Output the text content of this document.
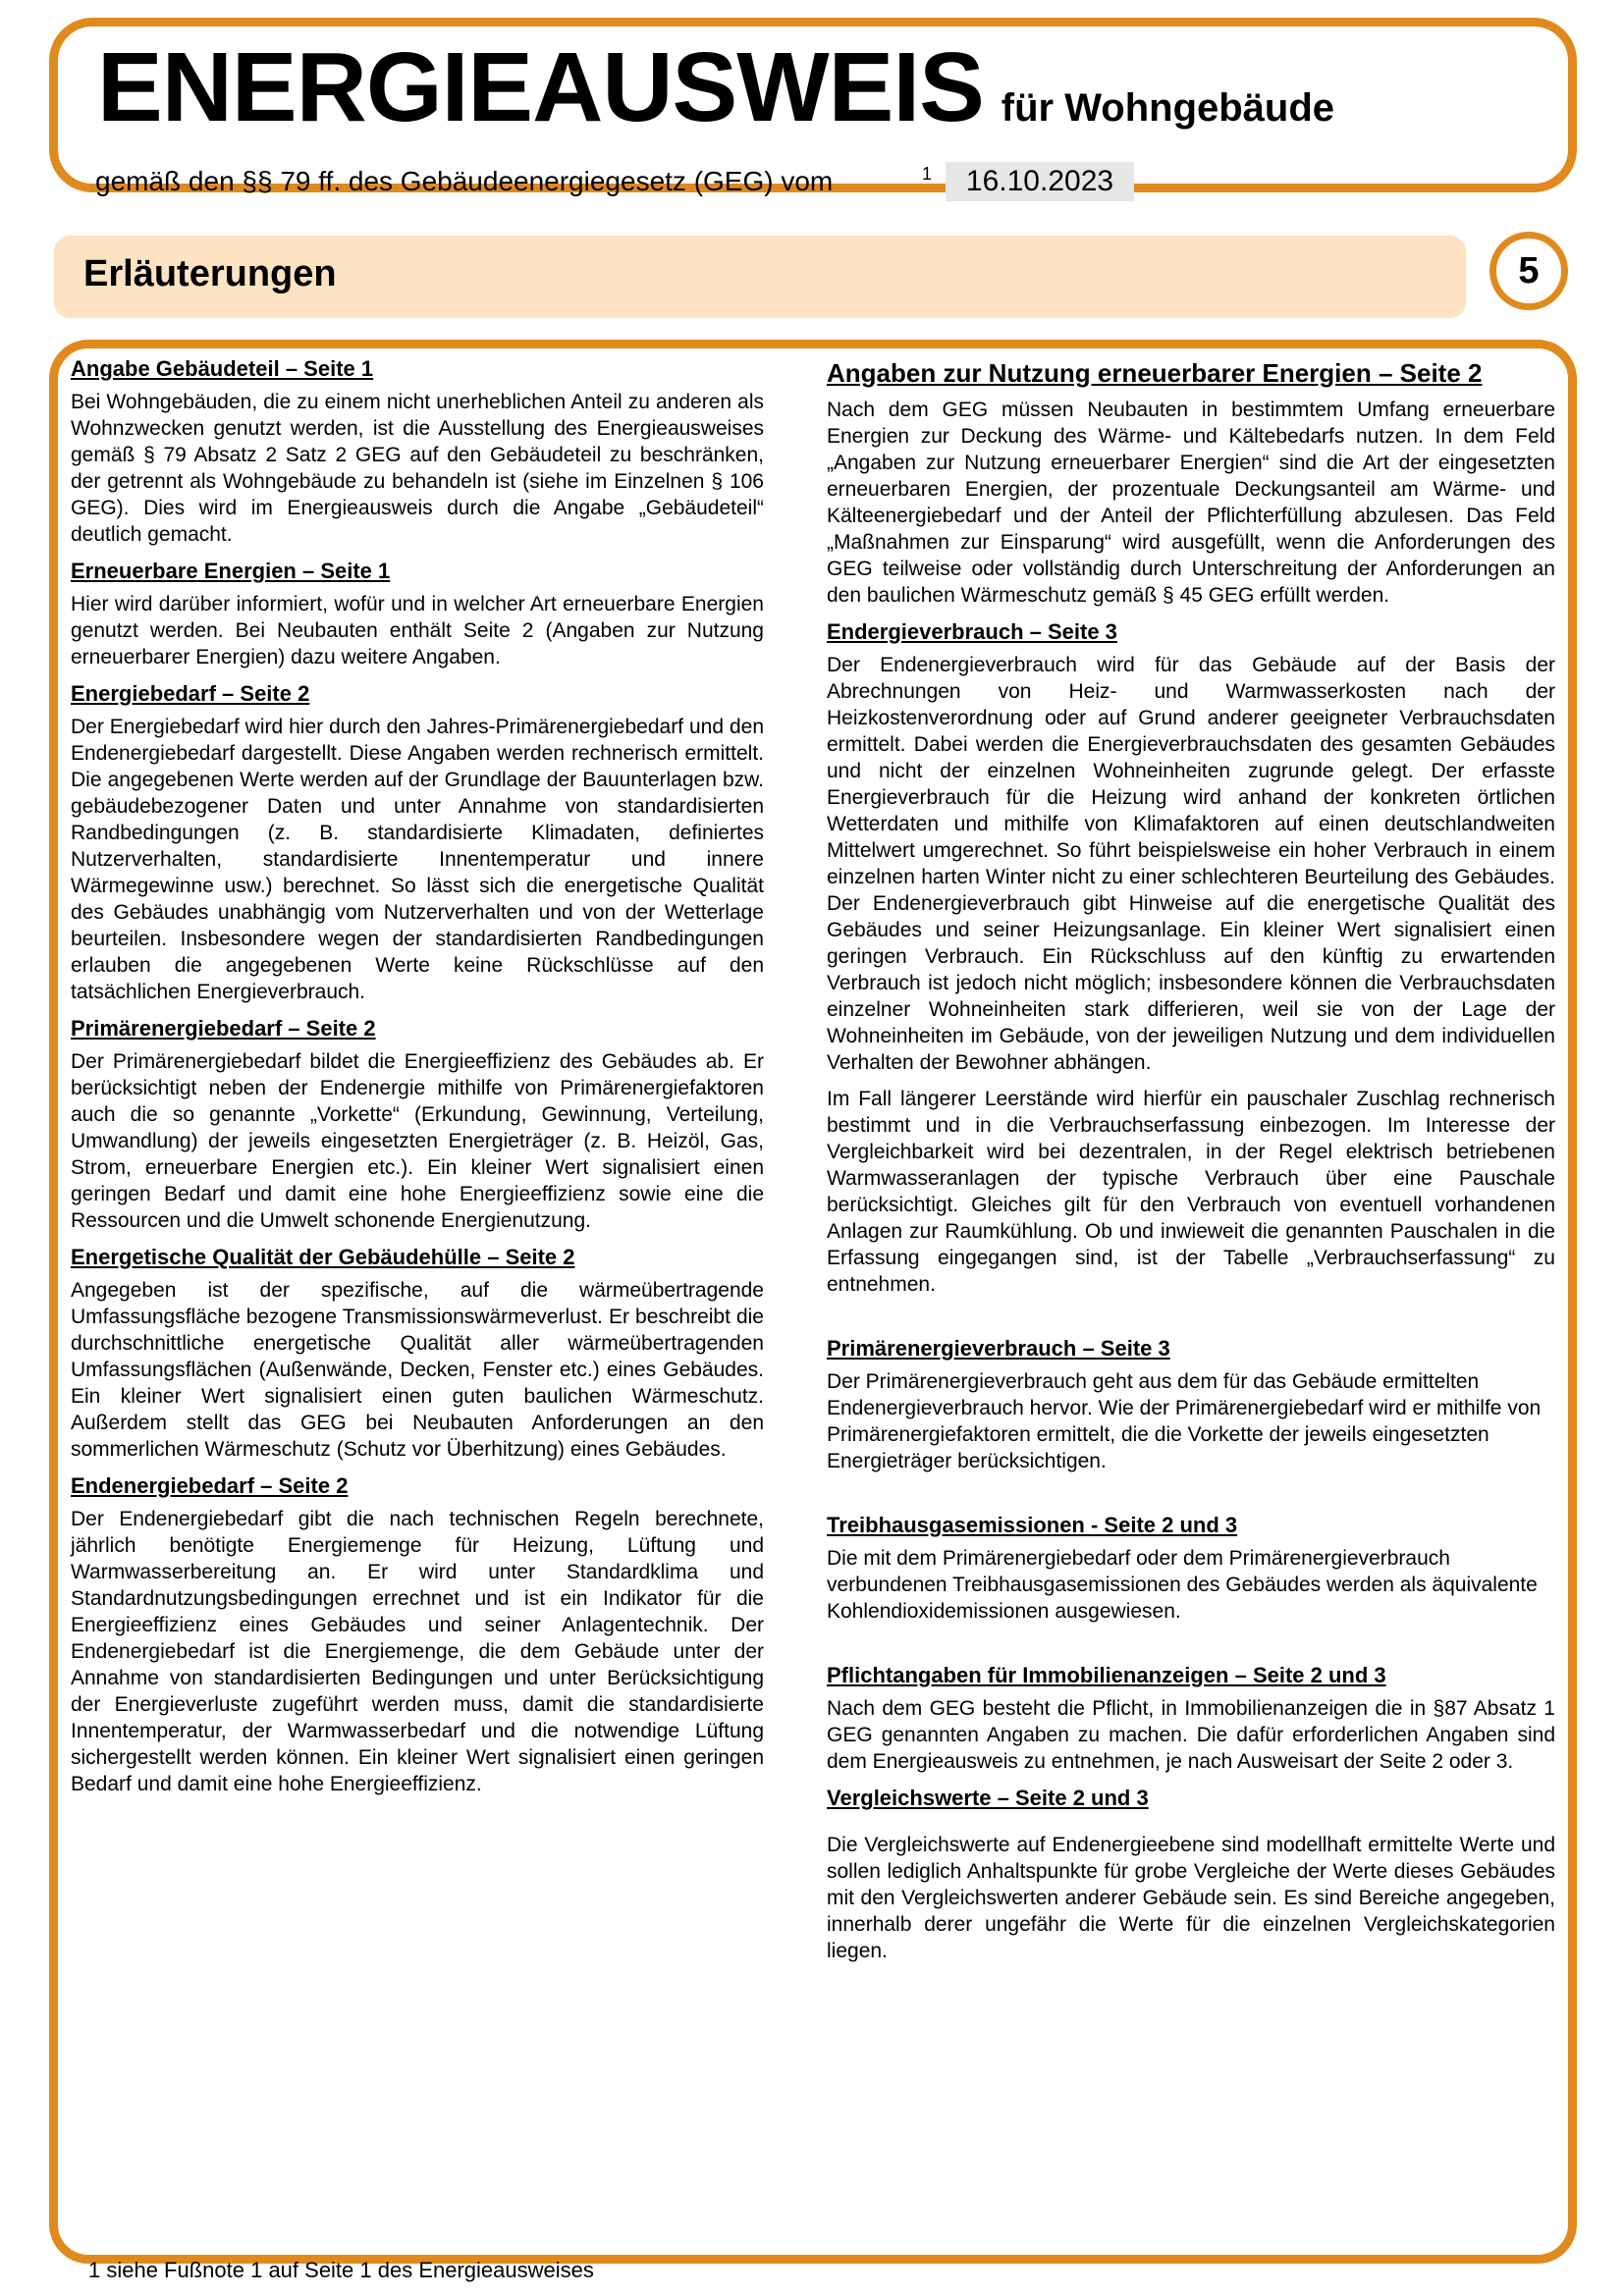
ENERGIEAUSWEIS für Wohngebäude
gemäß den §§ 79 ff. des Gebäudeenergiegesetz (GEG) vom	1	16.10.2023
Erläuterungen	5
Angabe Gebäudeteil – Seite 1

Bei Wohngebäuden, die zu einem nicht unerheblichen Anteil zu anderen als Wohnzwecken genutzt werden, ist die Ausstellung des Energieausweises gemäß § 79 Absatz 2 Satz 2 GEG auf den Gebäudeteil zu beschränken, der getrennt als Wohngebäude zu behandeln ist (siehe im Einzelnen § 106 GEG). Dies wird im Energieausweis durch die Angabe „Gebäudeteil“ deutlich gemacht.

Erneuerbare Energien – Seite 1

Hier wird darüber informiert, wofür und in welcher Art erneuerbare Energien genutzt werden. Bei Neubauten enthält Seite 2 (Angaben zur Nutzung erneuerbarer Energien) dazu weitere Angaben.

Energiebedarf – Seite 2

Der Energiebedarf wird hier durch den Jahres-Primärenergiebedarf und den Endenergiebedarf dargestellt. Diese Angaben werden rechnerisch ermittelt. Die angegebenen Werte werden auf der Grundlage der Bauunterlagen bzw. gebäudebezogener Daten und unter Annahme von standardisierten Randbedingungen (z. B. standardisierte Klimadaten, definiertes Nutzerverhalten, standardisierte Innentemperatur und innere Wärmegewinne usw.) berechnet. So lässt sich die energetische Qualität des Gebäudes unabhängig vom Nutzerverhalten und von der Wetterlage beurteilen. Insbesondere wegen der standardisierten Randbedingungen erlauben die angegebenen Werte keine Rückschlüsse auf den tatsächlichen Energieverbrauch.

Primärenergiebedarf – Seite 2

Der Primärenergiebedarf bildet die Energieeffizienz des Gebäudes ab. Er berücksichtigt neben der Endenergie mithilfe von Primärenergiefaktoren auch die so genannte „Vorkette“ (Erkundung, Gewinnung, Verteilung, Umwandlung) der jeweils eingesetzten Energieträger (z. B. Heizöl, Gas, Strom, erneuerbare Energien etc.). Ein kleiner Wert signalisiert einen geringen Bedarf und damit eine hohe Energieeffizienz sowie eine die Ressourcen und die Umwelt schonende Energienutzung.

Energetische Qualität der Gebäudehülle – Seite 2

Angegeben ist der spezifische, auf die wärmeübertragende Umfassungsfläche bezogene Transmissionswärmeverlust. Er beschreibt die durchschnittliche energetische Qualität aller wärmeübertragenden Umfassungsflächen (Außenwände, Decken, Fenster etc.) eines Gebäudes. Ein kleiner Wert signalisiert einen guten baulichen Wärmeschutz. Außerdem stellt das GEG bei Neubauten Anforderungen an den sommerlichen Wärmeschutz (Schutz vor Überhitzung) eines Gebäudes.

Endenergiebedarf – Seite 2

Der Endenergiebedarf gibt die nach technischen Regeln berechnete, jährlich benötigte Energiemenge für Heizung, Lüftung und Warmwasserbereitung an. Er wird unter Standardklima und Standardnutzungsbedingungen errechnet und ist ein Indikator für die Energieeffizienz eines Gebäudes und seiner Anlagentechnik. Der Endenergiebedarf ist die Energiemenge, die dem Gebäude unter der Annahme von standardisierten Bedingungen und unter Berücksichtigung der Energieverluste zugeführt werden muss, damit die standardisierte Innentemperatur, der Warmwasserbedarf und die notwendige Lüftung sichergestellt werden können. Ein kleiner Wert signalisiert einen geringen Bedarf und damit eine hohe Energieeffizienz.

Angaben zur Nutzung erneuerbarer Energien – Seite 2

Nach dem GEG müssen Neubauten in bestimmtem Umfang erneuerbare Energien zur Deckung des Wärme- und Kältebedarfs nutzen. In dem Feld „Angaben zur Nutzung erneuerbarer Energien“ sind die Art der eingesetzten erneuerbaren Energien, der prozentuale Deckungsanteil am Wärme- und Kälteenergiebedarf und der Anteil der Pflichterfüllung abzulesen. Das Feld „Maßnahmen zur Einsparung“ wird ausgefüllt, wenn die Anforderungen des GEG teilweise oder vollständig durch Unterschreitung der Anforderungen an den baulichen Wärmeschutz gemäß § 45 GEG erfüllt werden.

Endergieverbrauch – Seite 3

Der Endenergieverbrauch wird für das Gebäude auf der Basis der Abrechnungen von Heiz- und Warmwasserkosten nach der Heizkostenverordnung oder auf Grund anderer geeigneter Verbrauchsdaten ermittelt. Dabei werden die Energieverbrauchsdaten des gesamten Gebäudes und nicht der einzelnen Wohneinheiten zugrunde gelegt. Der erfasste Energieverbrauch für die Heizung wird anhand der konkreten örtlichen Wetterdaten und mithilfe von Klimafaktoren auf einen deutschlandweiten Mittelwert umgerechnet. So führt beispielsweise ein hoher Verbrauch in einem einzelnen harten Winter nicht zu einer schlechteren Beurteilung des Gebäudes. Der Endenergieverbrauch gibt Hinweise auf die energetische Qualität des Gebäudes und seiner Heizungsanlage. Ein kleiner Wert signalisiert einen geringen Verbrauch. Ein Rückschluss auf den künftig zu erwartenden Verbrauch ist jedoch nicht möglich; insbesondere können die Verbrauchsdaten einzelner Wohneinheiten stark differieren, weil sie von der Lage der Wohneinheiten im Gebäude, von der jeweiligen Nutzung und dem individuellen Verhalten der Bewohner abhängen.

Im Fall längerer Leerstände wird hierfür ein pauschaler Zuschlag rechnerisch bestimmt und in die Verbrauchserfassung einbezogen. Im Interesse der Vergleichbarkeit wird bei dezentralen, in der Regel elektrisch betriebenen Warmwasseranlagen der typische Verbrauch über eine Pauschale berücksichtigt. Gleiches gilt für den Verbrauch von eventuell vorhandenen Anlagen zur Raumkühlung. Ob und inwieweit die genannten Pauschalen in die Erfassung eingegangen sind, ist der Tabelle „Verbrauchserfassung“ zu entnehmen.

Primärenergieverbrauch – Seite 3

Der Primärenergieverbrauch geht aus dem für das Gebäude ermittelten Endenergieverbrauch hervor. Wie der Primärenergiebedarf wird er mithilfe von Primärenergiefaktoren ermittelt, die die Vorkette der jeweils eingesetzten Energieträger berücksichtigen.

Treibhausgasemissionen - Seite 2 und 3

Die mit dem Primärenergiebedarf oder dem Primärenergieverbrauch verbundenen Treibhausgasemissionen des Gebäudes werden als äquivalente Kohlendioxidemissionen ausgewiesen.

Pflichtangaben für Immobilienanzeigen – Seite 2 und 3

Nach dem GEG besteht die Pflicht, in Immobilienanzeigen die in §87 Absatz 1 GEG genannten Angaben zu machen. Die dafür erforderlichen Angaben sind dem Energieausweis zu entnehmen, je nach Ausweisart der Seite 2 oder 3.

Vergleichswerte – Seite 2 und 3

Die Vergleichswerte auf Endenergieebene sind modellhaft ermittelte Werte und sollen lediglich Anhaltspunkte für grobe Vergleiche der Werte dieses Gebäudes mit den Vergleichswerten anderer Gebäude sein. Es sind Bereiche angegeben, innerhalb derer ungefähr die Werte für die einzelnen Vergleichskategorien liegen.

1 siehe Fußnote 1 auf Seite 1 des Energieausweises
